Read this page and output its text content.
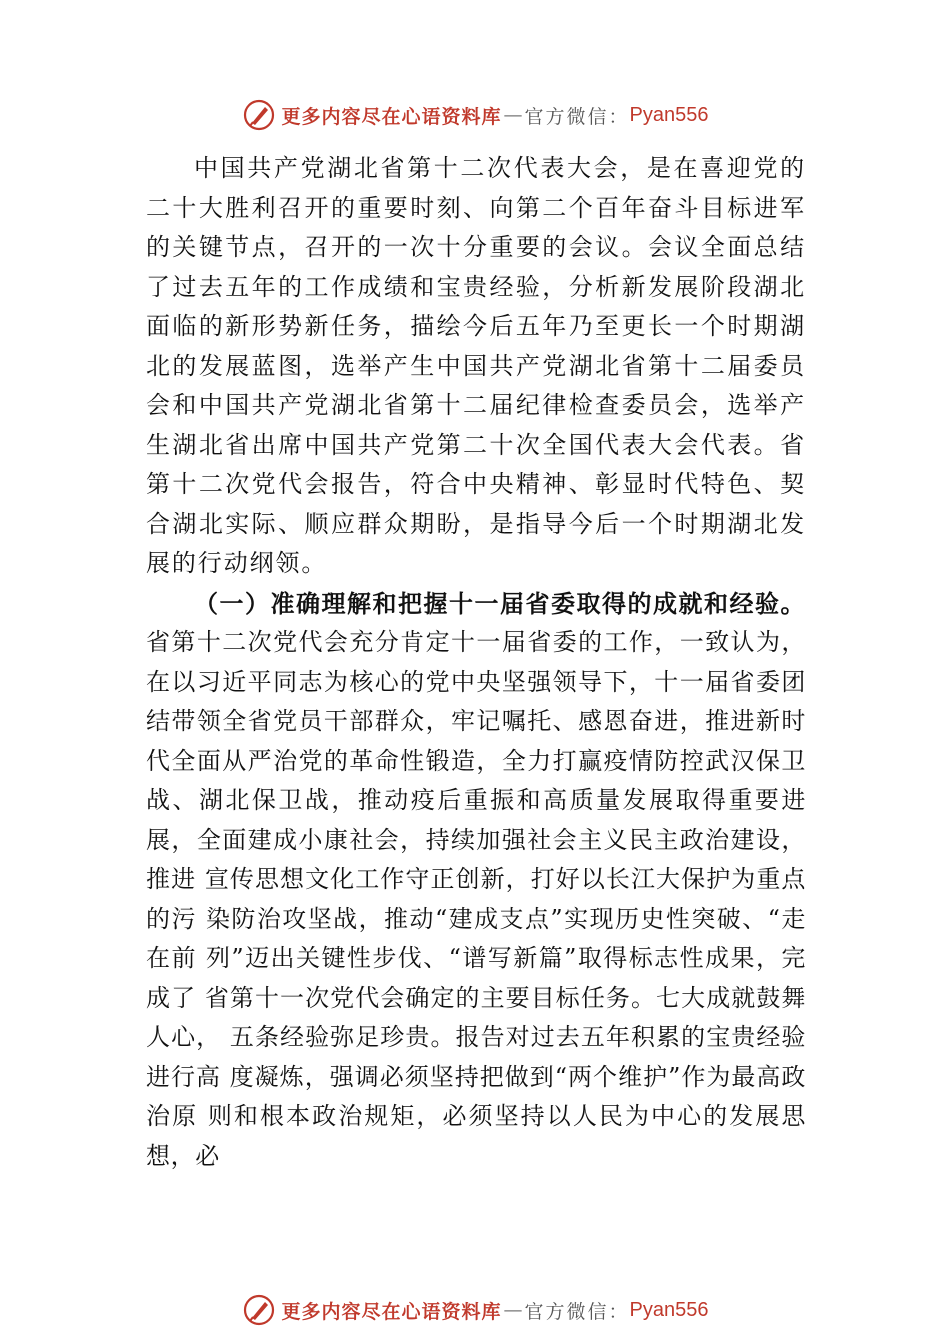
更多内容尽在心语资料库 — 官方微信： Pyan556

中国共产党湖北省第十二次代表大会，是在喜迎党的二十大胜利召开的重要时刻、向第二个百年奋斗目标进军的关键节点，召开的一次十分重要的会议。会议全面总结了过去五年的工作成绩和宝贵经验，分析新发展阶段湖北面临的新形势新任务，描绘今后五年乃至更长一个时期湖北的发展蓝图，选举产生中国共产党湖北省第十二届委员会和中国共产党湖北省第十二届纪律检查委员会，选举产生湖北省出席中国共产党第二十次全国代表大会代表。省第十二次党代会报告，符合中央精神、彰显时代特色、契合湖北实际、顺应群众期盼，是指导今后一个时期湖北发展的行动纲领。

（一）准确理解和把握十一届省委取得的成就和经验。

省第十二次党代会充分肯定十一届省委的工作，一致认为，在以习近平同志为核心的党中央坚强领导下，十一届省委团结带领全省党员干部群众，牢记嘱托、感恩奋进，推进新时代全面从严治党的革命性锻造，全力打赢疫情防控武汉保卫战、湖北保卫战，推动疫后重振和高质量发展取得重要进展，全面建成小康社会，持续加强社会主义民主政治建设，推进 宣传思想文化工作守正创新，打好以长江大保护为重点的污 染防治攻坚战，推动“建成支点”实现历史性突破、“走在前 列”迈出关键性步伐、“谱写新篇”取得标志性成果，完成了 省第十一次党代会确定的主要目标任务。七大成就鼓舞人心， 五条经验弥足珍贵。报告对过去五年积累的宝贵经验进行高 度凝炼，强调必须坚持把做到“两个维护”作为最高政治原 则和根本政治规矩，必须坚持以人民为中心的发展思想，必

更多内容尽在心语资料库 — 官方微信： Pyan556
